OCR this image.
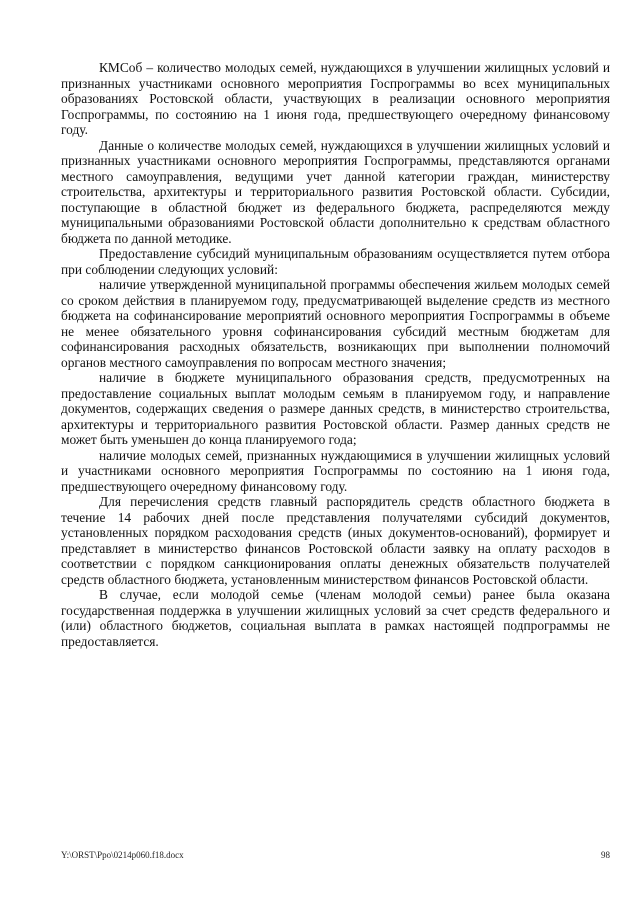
КМСоб – количество молодых семей, нуждающихся в улучшении жилищных условий и признанных участниками основного мероприятия Госпрограммы во всех муниципальных образованиях Ростовской области, участвующих в реализации основного мероприятия Госпрограммы, по состоянию на 1 июня года, предшествующего очередному финансовому году.

Данные о количестве молодых семей, нуждающихся в улучшении жилищных условий и признанных участниками основного мероприятия Госпрограммы, представляются органами местного самоуправления, ведущими учет данной категории граждан, министерству строительства, архитектуры и территориального развития Ростовской области. Субсидии, поступающие в областной бюджет из федерального бюджета, распределяются между муниципальными образованиями Ростовской области дополнительно к средствам областного бюджета по данной методике.

Предоставление субсидий муниципальным образованиям осуществляется путем отбора при соблюдении следующих условий:

наличие утвержденной муниципальной программы обеспечения жильем молодых семей со сроком действия в планируемом году, предусматривающей выделение средств из местного бюджета на софинансирование мероприятий основного мероприятия Госпрограммы в объеме не менее обязательного уровня софинансирования субсидий местным бюджетам для софинансирования расходных обязательств, возникающих при выполнении полномочий органов местного самоуправления по вопросам местного значения;

наличие в бюджете муниципального образования средств, предусмотренных на предоставление социальных выплат молодым семьям в планируемом году, и направление документов, содержащих сведения о размере данных средств, в министерство строительства, архитектуры и территориального развития Ростовской области. Размер данных средств не может быть уменьшен до конца планируемого года;

наличие молодых семей, признанных нуждающимися в улучшении жилищных условий и участниками основного мероприятия Госпрограммы по состоянию на 1 июня года, предшествующего очередному финансовому году.

Для перечисления средств главный распорядитель средств областного бюджета в течение 14 рабочих дней после представления получателями субсидий документов, установленных порядком расходования средств (иных документов-оснований), формирует и представляет в министерство финансов Ростовской области заявку на оплату расходов в соответствии с порядком санкционирования оплаты денежных обязательств получателей средств областного бюджета, установленным министерством финансов Ростовской области.

В случае, если молодой семье (членам молодой семьи) ранее была оказана государственная поддержка в улучшении жилищных условий за счет средств федерального и (или) областного бюджетов, социальная выплата в рамках настоящей подпрограммы не предоставляется.

Y:\ORST\Ppo\0214p060.f18.docx	98
